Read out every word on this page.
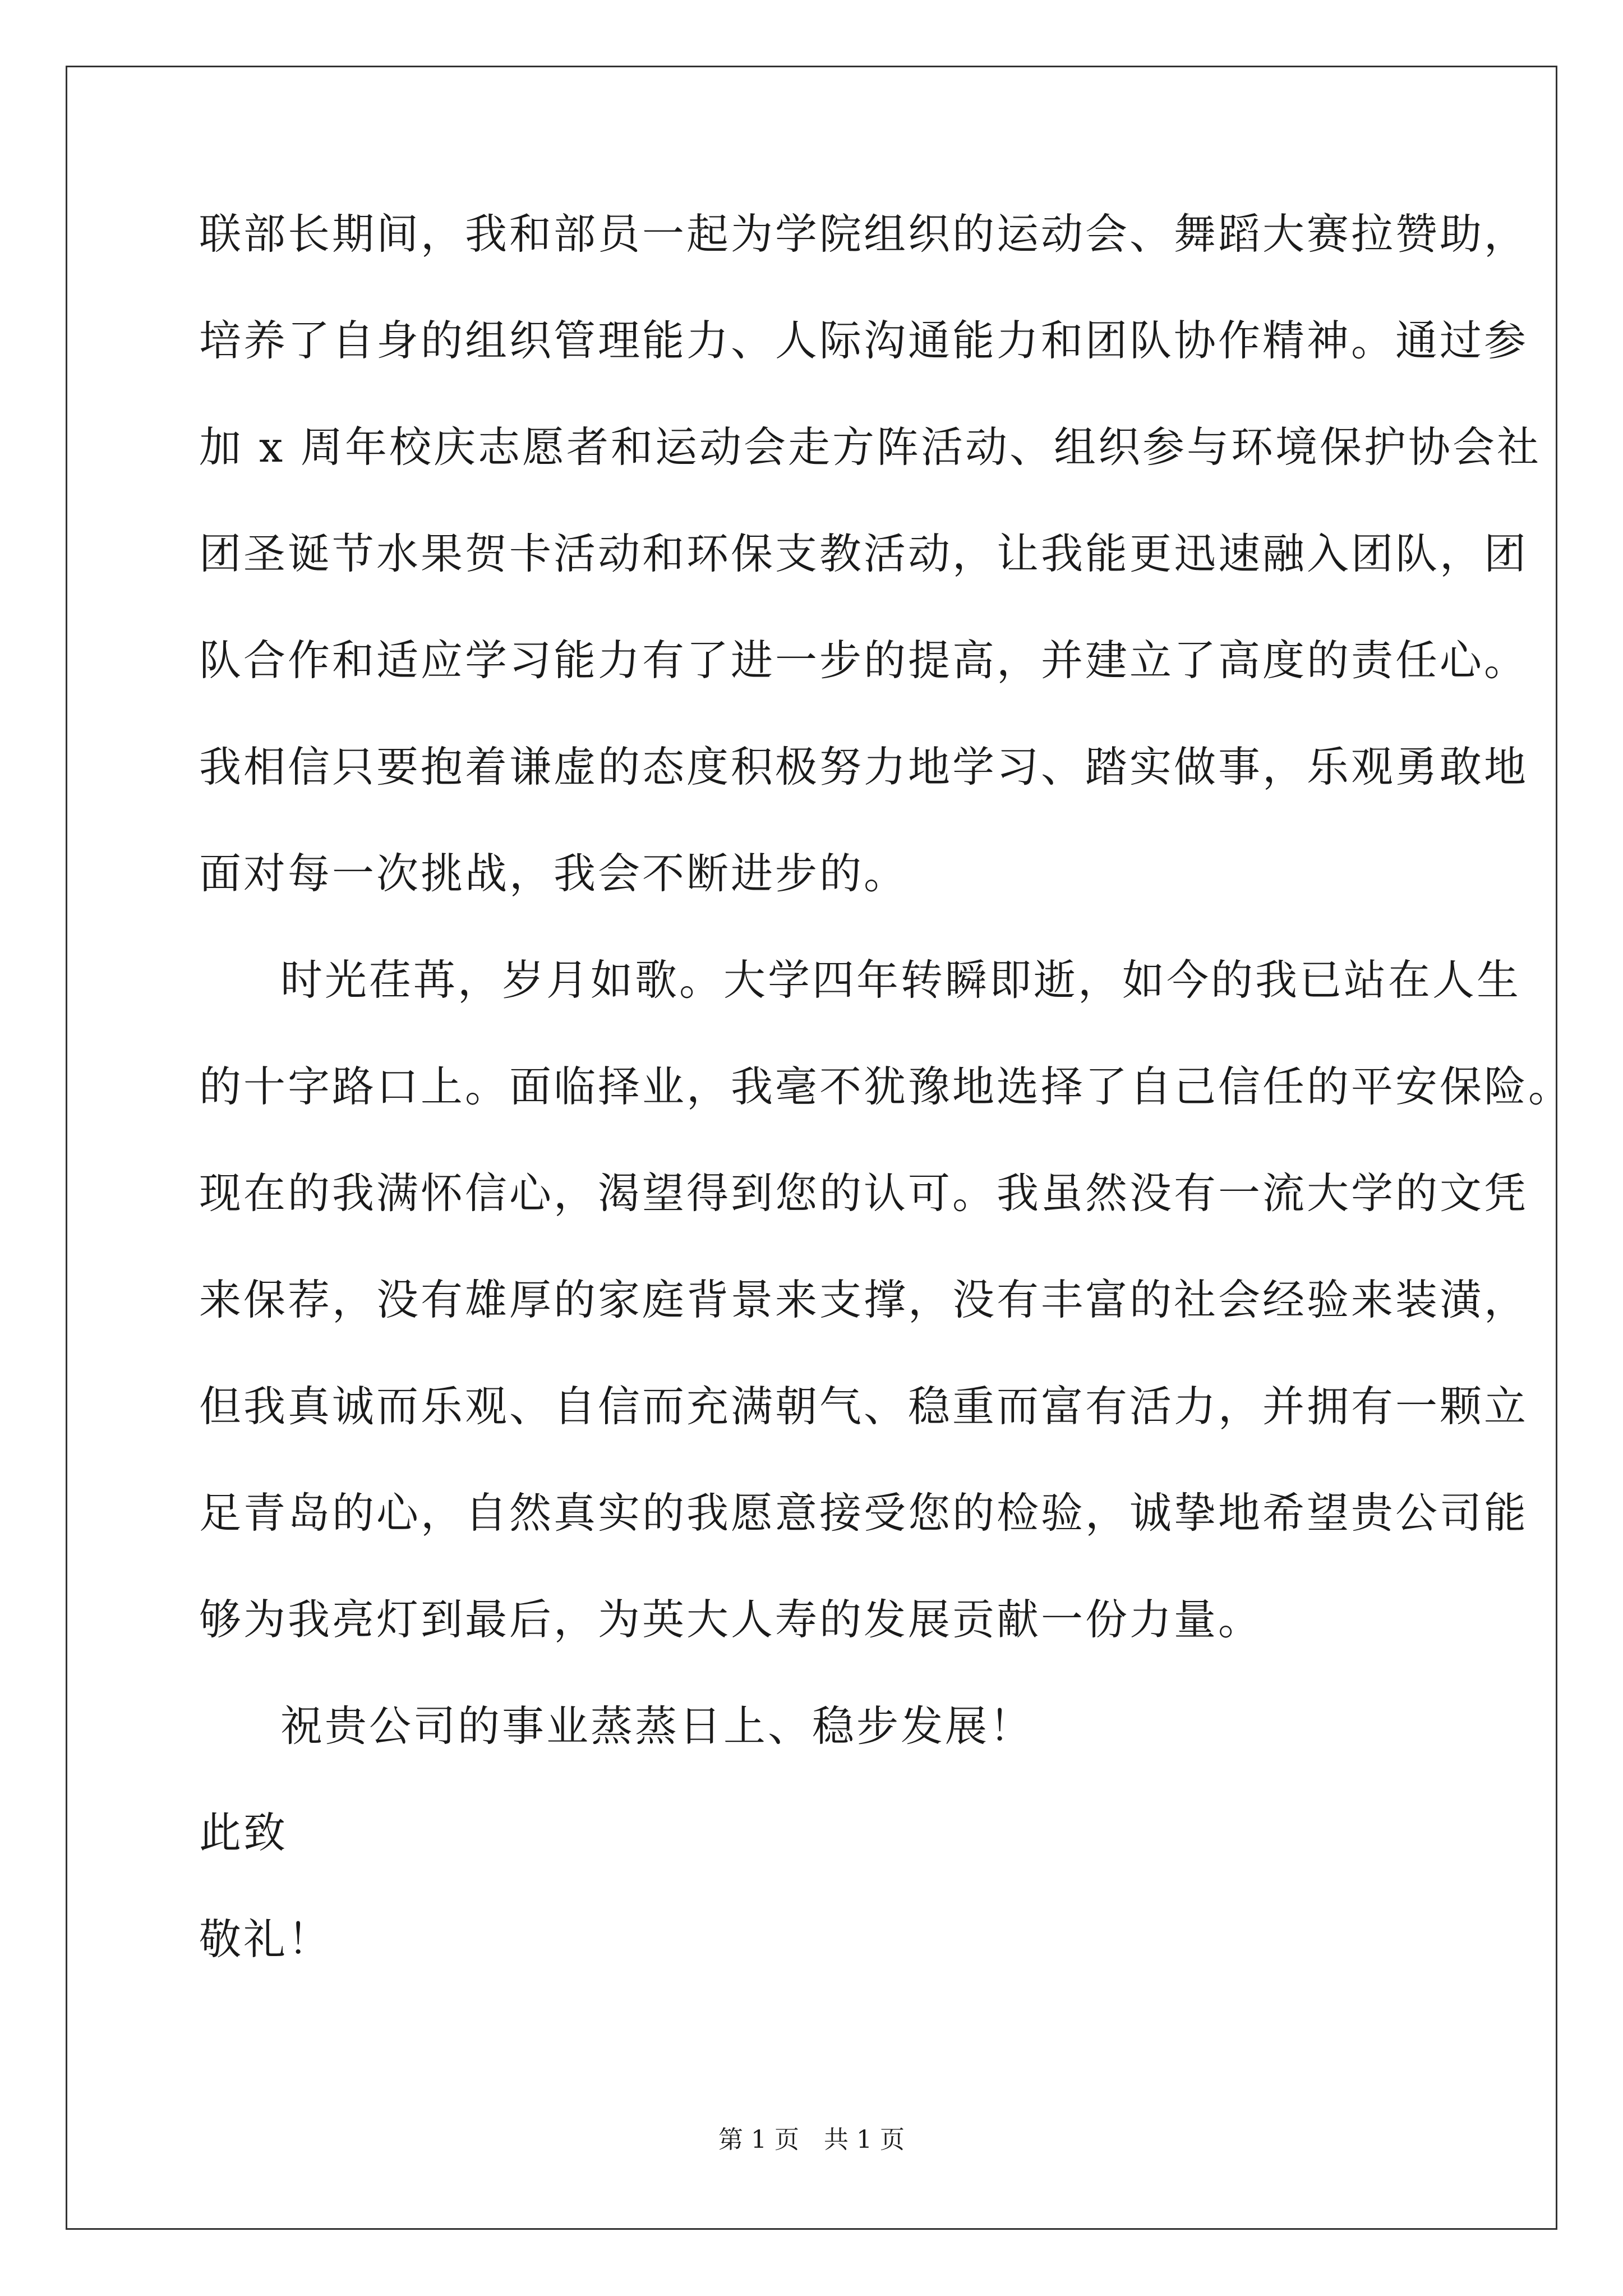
联部长期间，我和部员一起为学院组织的运动会、舞蹈大赛拉赞助，
培养了自身的组织管理能力、人际沟通能力和团队协作精神。通过参
加 x 周年校庆志愿者和运动会走方阵活动、组织参与环境保护协会社
团圣诞节水果贺卡活动和环保支教活动，让我能更迅速融入团队，团
队合作和适应学习能力有了进一步的提高，并建立了高度的责任心。
我相信只要抱着谦虚的态度积极努力地学习、踏实做事，乐观勇敢地
面对每一次挑战，我会不断进步的。
时光荏苒，岁月如歌。大学四年转瞬即逝，如今的我已站在人生
的十字路口上。面临择业，我毫不犹豫地选择了自己信任的平安保险。
现在的我满怀信心，渴望得到您的认可。我虽然没有一流大学的文凭
来保荐，没有雄厚的家庭背景来支撑，没有丰富的社会经验来装潢，
但我真诚而乐观、自信而充满朝气、稳重而富有活力，并拥有一颗立
足青岛的心，自然真实的我愿意接受您的检验，诚挚地希望贵公司能
够为我亮灯到最后，为英大人寿的发展贡献一份力量。
祝贵公司的事业蒸蒸日上、稳步发展！
此致
敬礼！
第 1 页　共 1 页
